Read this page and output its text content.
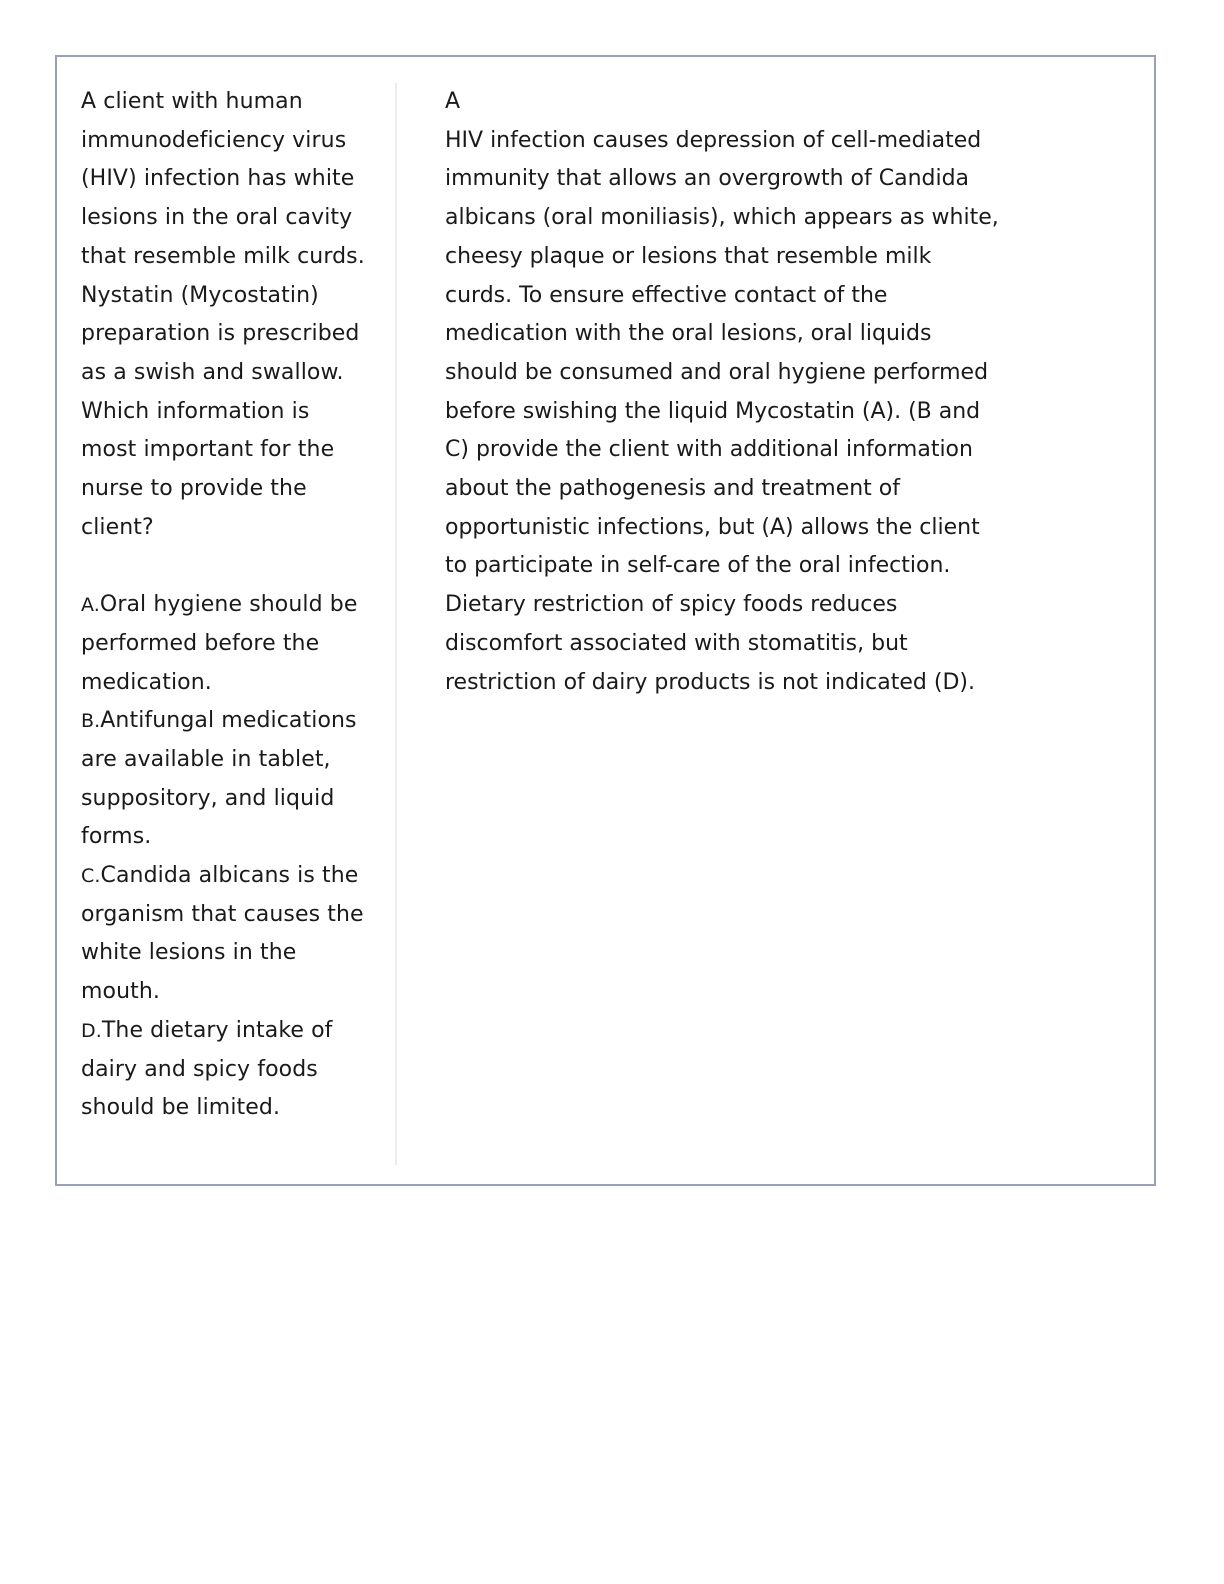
A client with human immunodeficiency virus (HIV) infection has white lesions in the oral cavity that resemble milk curds. Nystatin (Mycostatin) preparation is prescribed as a swish and swallow. Which information is most important for the nurse to provide the client?

A.Oral hygiene should be performed before the medication.

B.Antifungal medications are available in tablet, suppository, and liquid forms.

C.Candida albicans is the organism that causes the white lesions in the mouth.

D.The dietary intake of dairy and spicy foods should be limited.

A

HIV infection causes depression of cell-mediated immunity that allows an overgrowth of Candida albicans (oral moniliasis), which appears as white, cheesy plaque or lesions that resemble milk curds. To ensure effective contact of the medication with the oral lesions, oral liquids should be consumed and oral hygiene performed before swishing the liquid Mycostatin (A). (B and C) provide the client with additional information about the pathogenesis and treatment of opportunistic infections, but (A) allows the client to participate in self-care of the oral infection. Dietary restriction of spicy foods reduces discomfort associated with stomatitis, but restriction of dairy products is not indicated (D).
